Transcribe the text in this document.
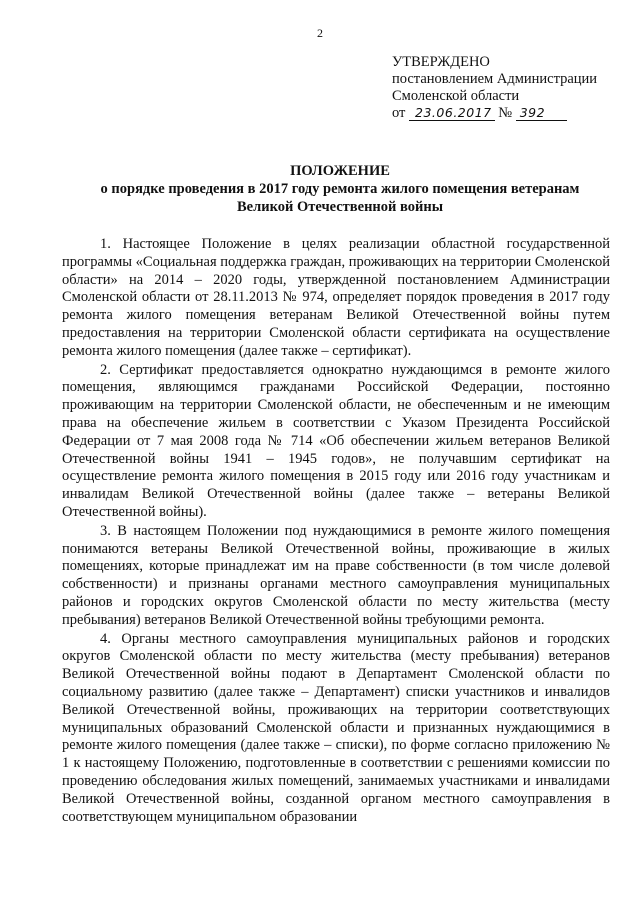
2
УТВЕРЖДЕНО
постановлением Администрации
Смоленской области
от 23.06.2017 № 392
ПОЛОЖЕНИЕ
о порядке проведения в 2017 году ремонта жилого помещения ветеранам
Великой Отечественной войны

1. Настоящее Положение в целях реализации областной государственной программы «Социальная поддержка граждан, проживающих на территории Смоленской области» на 2014 – 2020 годы, утвержденной постановлением Администрации Смоленской области от 28.11.2013 № 974, определяет порядок проведения в 2017 году ремонта жилого помещения ветеранам Великой Отечественной войны путем предоставления на территории Смоленской области сертификата на осуществление ремонта жилого помещения (далее также – сертификат).

2. Сертификат предоставляется однократно нуждающимся в ремонте жилого помещения, являющимся гражданами Российской Федерации, постоянно проживающим на территории Смоленской области, не обеспеченным и не имеющим права на обеспечение жильем в соответствии с Указом Президента Российской Федерации от 7 мая 2008 года № 714 «Об обеспечении жильем ветеранов Великой Отечественной войны 1941 – 1945 годов», не получавшим сертификат на осуществление ремонта жилого помещения в 2015 году или 2016 году участникам и инвалидам Великой Отечественной войны (далее также – ветераны Великой Отечественной войны).

3. В настоящем Положении под нуждающимися в ремонте жилого помещения понимаются ветераны Великой Отечественной войны, проживающие в жилых помещениях, которые принадлежат им на праве собственности (в том числе долевой собственности) и признаны органами местного самоуправления муниципальных районов и городских округов Смоленской области по месту жительства (месту пребывания) ветеранов Великой Отечественной войны требующими ремонта.

4. Органы местного самоуправления муниципальных районов и городских округов Смоленской области по месту жительства (месту пребывания) ветеранов Великой Отечественной войны подают в Департамент Смоленской области по социальному развитию (далее также – Департамент) списки участников и инвалидов Великой Отечественной войны, проживающих на территории соответствующих муниципальных образований Смоленской области и признанных нуждающимися в ремонте жилого помещения (далее также – списки), по форме согласно приложению № 1 к настоящему Положению, подготовленные в соответствии с решениями комиссии по проведению обследования жилых помещений, занимаемых участниками и инвалидами Великой Отечественной войны, созданной органом местного самоуправления в соответствующем муниципальном образовании
